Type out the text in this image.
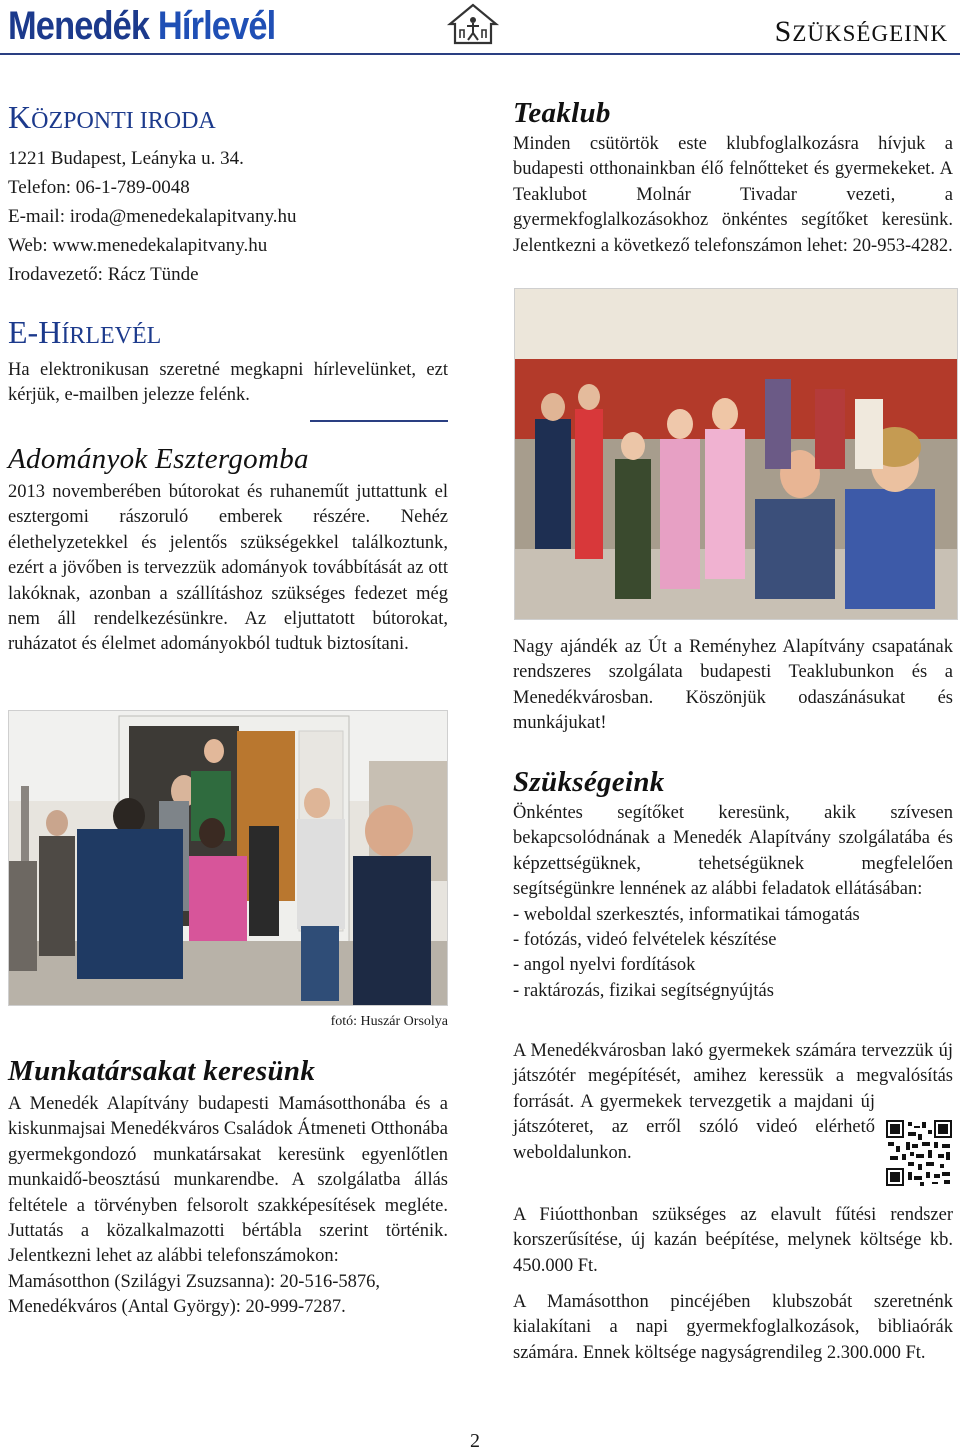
Menedék Hírlevél	SZÜKSÉGEINK
KÖZPONTI IRODA
1221 Budapest, Leányka u. 34.
Telefon: 06-1-789-0048
E-mail: iroda@menedekalapitvany.hu
Web: www.menedekalapitvany.hu
Irodavezető: Rácz Tünde
E-HÍRLEVÉL

Ha elektronikusan szeretné megkapni hírlevelünket, ezt kérjük, e-mailben jelezze felénk.

Adományok Esztergomba

2013 novemberében bútorokat és ruhaneműt juttattunk el esztergomi rászoruló emberek részére. Nehéz élethelyzetekkel és jelentős szükségekkel találkoztunk, ezért a jövőben is tervezzük adományok továbbítását az ott lakóknak, azonban a szállításhoz szükséges fedezet még nem áll rendelkezésünkre. Az eljuttatott bútorokat, ruházatot és élelmet adományokból tudtuk biztosítani.

fotó: Huszár Orsolya
Munkatársakat keresünk

A Menedék Alapítvány budapesti Mamásotthonába és a kiskunmajsai Menedékváros Családok Átmeneti Otthonába gyermekgondozó munkatársakat keresünk egyenlőtlen munkaidő-beosztású munkarendbe. A szolgálatba állás feltétele a törvényben felsorolt szakképesítések megléte. Juttatás a közalkalmazotti bértábla szerint történik. Jelentkezni lehet az alábbi telefonszámokon:

Mamásotthon (Szilágyi Zsuzsanna): 20-516-5876,
Menedékváros (Antal György): 20-999-7287.
Teaklub

Minden csütörtök este klubfoglalkozásra hívjuk a budapesti otthonainkban élő felnőtteket és gyermekeket. A Teaklubot Molnár Tivadar vezeti, a gyermekfoglalkozásokhoz önkéntes segítőket keresünk. Jelentkezni a következő telefonszámon lehet: 20-953-4282.

Nagy ajándék az Út a Reményhez Alapítvány csapatának rendszeres szolgálata budapesti Teaklubunkon és a Menedékvárosban. Köszönjük odaszánásukat és munkájukat!

Szükségeink

Önkéntes segítőket keresünk, akik szívesen bekapcsolódnának a Menedék Alapítvány szolgálatába és képzettségüknek, tehetségüknek megfelelően segítségünkre lennének az alábbi feladatok ellátásában:

- weboldal szerkesztés, informatikai támogatás
- fotózás, videó felvételek készítése
- angol nyelvi fordítások
- raktározás, fizikai segítségnyújtás

A Menedékvárosban lakó gyermekek számára tervezzük új játszótér megépítését, amihez keressük a megvalósítás forrását. A gyermekek tervezgetik a majdani új játszóteret, az erről szóló videó elérhető weboldalunkon.

A Fiúotthonban szükséges az elavult fűtési rendszer korszerűsítése, új kazán beépítése, melynek költsége kb. 450.000 Ft.

A Mamásotthon pincéjében klubszobát szeretnénk kialakítani a napi gyermekfoglalkozások, bibliaórák számára. Ennek költsége nagyságrendileg 2.300.000 Ft.

2
